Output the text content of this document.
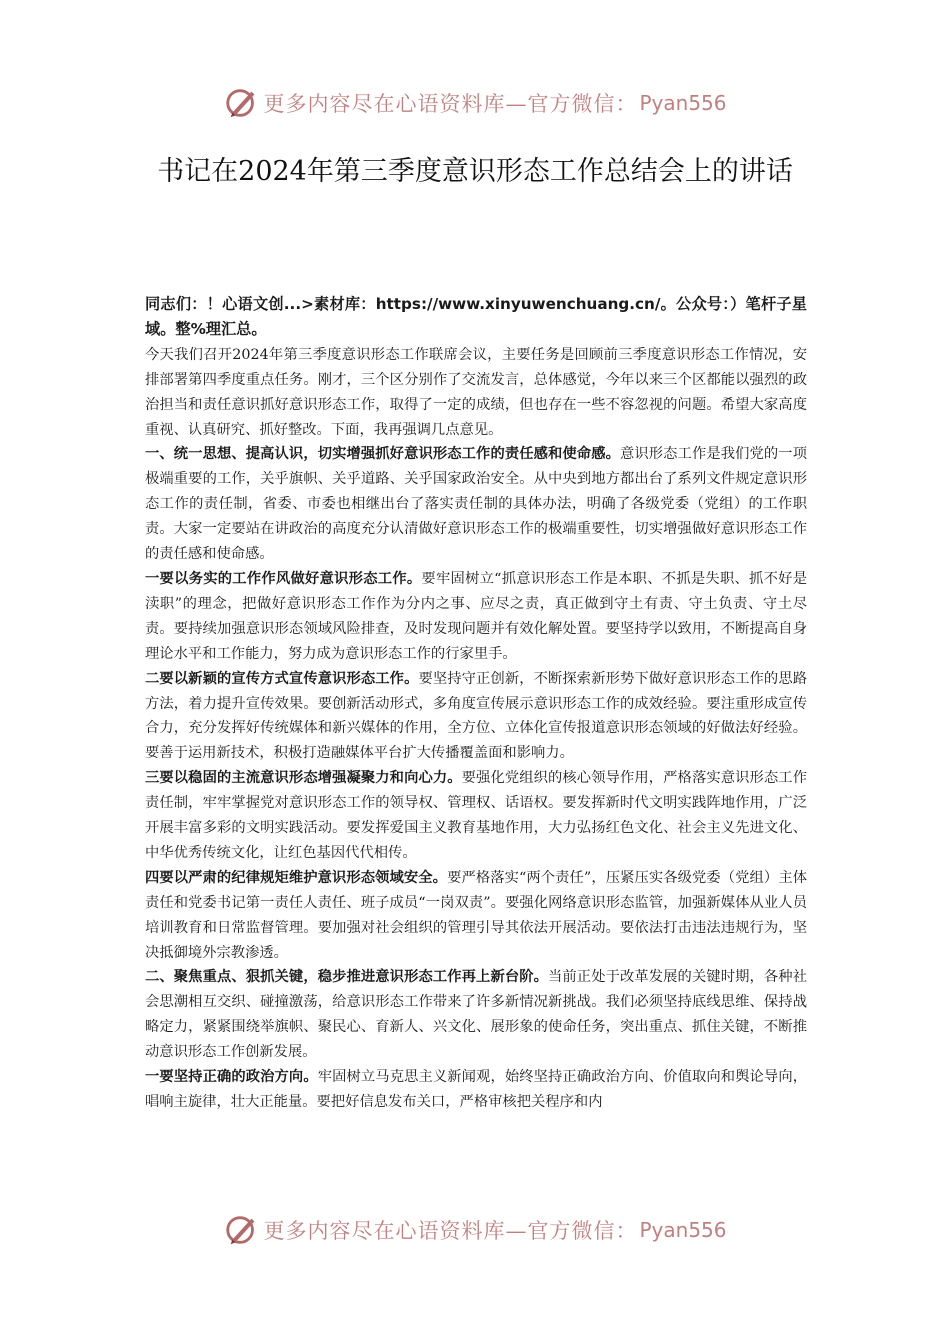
更多内容尽在心语资料库—官方微信： Pyan556
书记在2024年第三季度意识形态工作总结会上的讲话

同志们：！心语文创...>素材库：https://www.xinyuwenchuang.cn/。公众号：）笔杆子星域。整%理汇总。

今天我们召开2024年第三季度意识形态工作联席会议，主要任务是回顾前三季度意识形态工作情况，安排部署第四季度重点任务。刚才，三个区分别作了交流发言，总体感觉，今年以来三个区都能以强烈的政治担当和责任意识抓好意识形态工作，取得了一定的成绩，但也存在一些不容忽视的问题。希望大家高度重视、认真研究、抓好整改。下面，我再强调几点意见。

一、统一思想、提高认识，切实增强抓好意识形态工作的责任感和使命感。意识形态工作是我们党的一项极端重要的工作，关乎旗帜、关乎道路、关乎国家政治安全。从中央到地方都出台了系列文件规定意识形态工作的责任制，省委、市委也相继出台了落实责任制的具体办法，明确了各级党委（党组）的工作职责。大家一定要站在讲政治的高度充分认清做好意识形态工作的极端重要性，切实增强做好意识形态工作的责任感和使命感。

一要以务实的工作作风做好意识形态工作。要牢固树立“抓意识形态工作是本职、不抓是失职、抓不好是渎职”的理念，把做好意识形态工作作为分内之事、应尽之责，真正做到守土有责、守土负责、守土尽责。要持续加强意识形态领域风险排查，及时发现问题并有效化解处置。要坚持学以致用，不断提高自身理论水平和工作能力，努力成为意识形态工作的行家里手。

二要以新颖的宣传方式宣传意识形态工作。要坚持守正创新，不断探索新形势下做好意识形态工作的思路方法，着力提升宣传效果。要创新活动形式，多角度宣传展示意识形态工作的成效经验。要注重形成宣传合力，充分发挥好传统媒体和新兴媒体的作用，全方位、立体化宣传报道意识形态领域的好做法好经验。要善于运用新技术，积极打造融媒体平台扩大传播覆盖面和影响力。

三要以稳固的主流意识形态增强凝聚力和向心力。要强化党组织的核心领导作用，严格落实意识形态工作责任制，牢牢掌握党对意识形态工作的领导权、管理权、话语权。要发挥新时代文明实践阵地作用，广泛开展丰富多彩的文明实践活动。要发挥爱国主义教育基地作用，大力弘扬红色文化、社会主义先进文化、中华优秀传统文化，让红色基因代代相传。

四要以严肃的纪律规矩维护意识形态领域安全。要严格落实“两个责任”，压紧压实各级党委（党组）主体责任和党委书记第一责任人责任、班子成员“一岗双责”。要强化网络意识形态监管，加强新媒体从业人员培训教育和日常监督管理。要加强对社会组织的管理引导其依法开展活动。要依法打击违法违规行为，坚决抵御境外宗教渗透。

二、聚焦重点、狠抓关键，稳步推进意识形态工作再上新台阶。当前正处于改革发展的关键时期，各种社会思潮相互交织、碰撞激荡，给意识形态工作带来了许多新情况新挑战。我们必须坚持底线思维、保持战略定力，紧紧围绕举旗帜、聚民心、育新人、兴文化、展形象的使命任务，突出重点、抓住关键，不断推动意识形态工作创新发展。

一要坚持正确的政治方向。牢固树立马克思主义新闻观，始终坚持正确政治方向、价值取向和舆论导向，唱响主旋律，壮大正能量。要把好信息发布关口，严格审核把关程序和内

更多内容尽在心语资料库—官方微信： Pyan556
